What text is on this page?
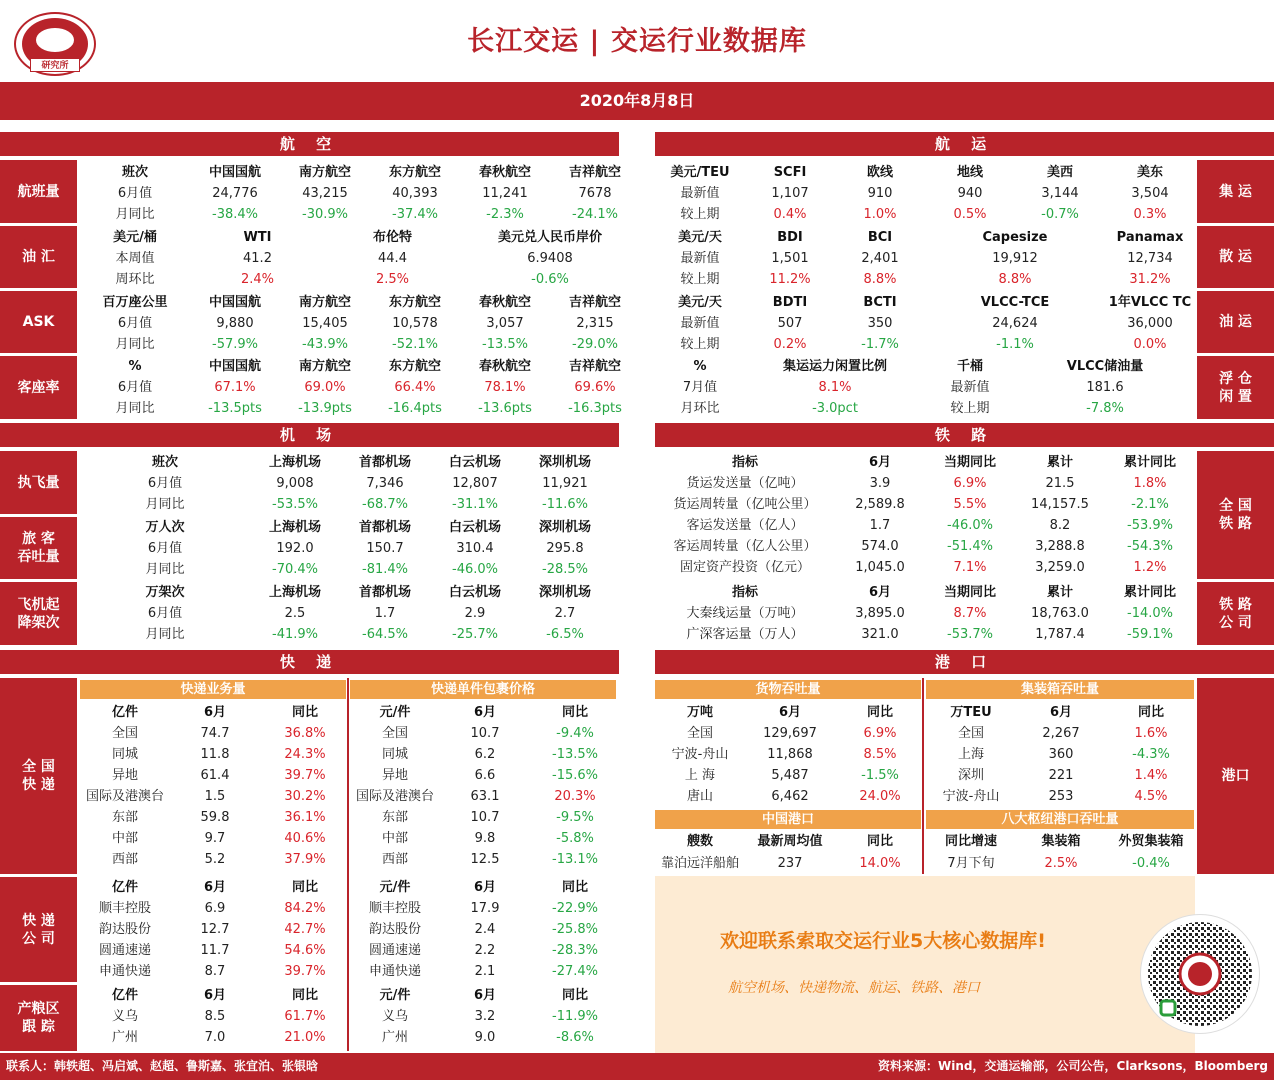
研究所
长江交运 | 交运行业数据库
2020年8月8日
航 空	航 运
机 场	铁 路
快 递	港 口
航班量
油 汇
ASK
客座率
集 运
散 运
油 运
浮 仓
闲 置
执飞量
旅 客
吞吐量
飞机起
降架次
全 国
铁 路
铁 路
公 司
全 国
快 递
快 递
公 司
产粮区
跟 踪
港口
快递业务量	快递单件包裹价格	货物吞吐量	集装箱吞吐量
中国港口	八大枢纽港口吞吐量
班次	中国国航	南方航空	东方航空	春秋航空	吉祥航空
6月值	24,776	43,215	40,393	11,241	7678
月同比	-38.4%	-30.9%	-37.4%	-2.3%	-24.1%
美元/桶	WTI	布伦特	美元兑人民币岸价
本周值	41.2	44.4	6.9408
周环比	2.4%	2.5%	-0.6%
百万座公里	中国国航	南方航空	东方航空	春秋航空	吉祥航空
6月值	9,880	15,405	10,578	3,057	2,315
月同比	-57.9%	-43.9%	-52.1%	-13.5%	-29.0%
%	中国国航	南方航空	东方航空	春秋航空	吉祥航空
6月值	67.1%	69.0%	66.4%	78.1%	69.6%
月同比	-13.5pts	-13.9pts	-16.4pts	-13.6pts	-16.3pts
美元/TEU	SCFI	欧线	地线	美西	美东
最新值	1,107	910	940	3,144	3,504
较上期	0.4%	1.0%	0.5%	-0.7%	0.3%
美元/天	BDI	BCI	Capesize	Panamax
最新值	1,501	2,401	19,912	12,734
较上期	11.2%	8.8%	8.8%	31.2%
美元/天	BDTI	BCTI	VLCC-TCE	1年VLCC TC
最新值	507	350	24,624	36,000
较上期	0.2%	-1.7%	-1.1%	0.0%
%	集运运力闲置比例
7月值	8.1%
月环比	-3.0pct
千桶	VLCC储油量
最新值	181.6
较上期	-7.8%
班次	上海机场	首都机场	白云机场	深圳机场
6月值	9,008	7,346	12,807	11,921
月同比	-53.5%	-68.7%	-31.1%	-11.6%
万人次	上海机场	首都机场	白云机场	深圳机场
6月值	192.0	150.7	310.4	295.8
月同比	-70.4%	-81.4%	-46.0%	-28.5%
万架次	上海机场	首都机场	白云机场	深圳机场
6月值	2.5	1.7	2.9	2.7
月同比	-41.9%	-64.5%	-25.7%	-6.5%
指标	6月	当期同比	累计	累计同比
货运发送量（亿吨）	3.9	6.9%	21.5	1.8%
货运周转量（亿吨公里）	2,589.8	5.5%	14,157.5	-2.1%
客运发送量（亿人）	1.7	-46.0%	8.2	-53.9%
客运周转量（亿人公里）	574.0	-51.4%	3,288.8	-54.3%
固定资产投资（亿元）	1,045.0	7.1%	3,259.0	1.2%
指标	6月	当期同比	累计	累计同比
大秦线运量（万吨）	3,895.0	8.7%	18,763.0	-14.0%
广深客运量（万人）	321.0	-53.7%	1,787.4	-59.1%
亿件	6月	同比
全国	74.7	36.8%
同城	11.8	24.3%
异地	61.4	39.7%
国际及港澳台	1.5	30.2%
东部	59.8	36.1%
中部	9.7	40.6%
西部	5.2	37.9%
元/件	6月	同比
全国	10.7	-9.4%
同城	6.2	-13.5%
异地	6.6	-15.6%
国际及港澳台	63.1	20.3%
东部	10.7	-9.5%
中部	9.8	-5.8%
西部	12.5	-13.1%
亿件	6月	同比
顺丰控股	6.9	84.2%
韵达股份	12.7	42.7%
圆通速递	11.7	54.6%
申通快递	8.7	39.7%
元/件	6月	同比
顺丰控股	17.9	-22.9%
韵达股份	2.4	-25.8%
圆通速递	2.2	-28.3%
申通快递	2.1	-27.4%
亿件	6月	同比
义乌	8.5	61.7%
广州	7.0	21.0%
元/件	6月	同比
义乌	3.2	-11.9%
广州	9.0	-8.6%
万吨	6月	同比
全国	129,697	6.9%
宁波-舟山	11,868	8.5%
上 海	5,487	-1.5%
唐山	6,462	24.0%
万TEU	6月	同比
全国	2,267	1.6%
上海	360	-4.3%
深圳	221	1.4%
宁波-舟山	253	4.5%
艘数	最新周均值	同比
靠泊远洋船舶	237	14.0%
同比增速	集装箱	外贸集装箱
7月下旬	2.5%	-0.4%
欢迎联系索取交运行业5大核心数据库!
航空机场、快递物流、航运、铁路、港口
联系人：韩轶超、冯启斌、赵超、鲁斯嘉、张宜泊、张银晗	资料来源：Wind，交通运输部，公司公告，Clarksons，Bloomberg
